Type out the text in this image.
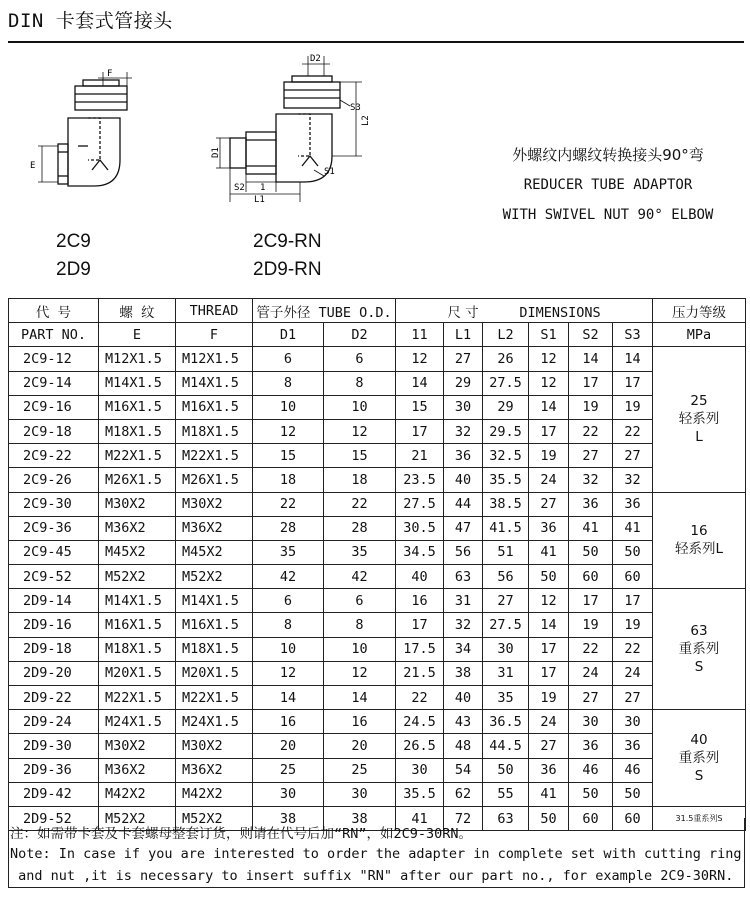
DIN 卡套式管接头
F
E
D2
S3
L2
D1
S1
1
S2
L1
2C9
2D9
2C9-RN
2D9-RN
外螺纹内螺纹转换接头90°弯
REDUCER TUBE ADAPTOR
WITH SWIVEL NUT 90° ELBOW
代 号	螺 纹	THREAD	管子外径 TUBE O.D.		尺 寸 DIMENSIONS						压力等级
PART NO.	E	F	D1	D2	11	L1	L2	S1	S2	S3	MPa
2C9-12	M12X1.5	M12X1.5	6	6	12	27	26	12	14	14	25
轻系列
L

2C9-14	M14X1.5	M14X1.5	8	8	14	29	27.5	12	17	17	
2C9-16	M16X1.5	M16X1.5	10	10	15	30	29	14	19	19	
2C9-18	M18X1.5	M18X1.5	12	12	17	32	29.5	17	22	22	
2C9-22	M22X1.5	M22X1.5	15	15	21	36	32.5	19	27	27	
2C9-26	M26X1.5	M26X1.5	18	18	23.5	40	35.5	24	32	32	
2C9-30	M30X2	M30X2	22	22	27.5	44	38.5	27	36	36	16
轻系列L

2C9-36	M36X2	M36X2	28	28	30.5	47	41.5	36	41	41	
2C9-45	M45X2	M45X2	35	35	34.5	56	51	41	50	50	
2C9-52	M52X2	M52X2	42	42	40	63	56	50	60	60	
2D9-14	M14X1.5	M14X1.5	6	6	16	31	27	12	17	17	63
重系列
S

2D9-16	M16X1.5	M16X1.5	8	8	17	32	27.5	14	19	19	
2D9-18	M18X1.5	M18X1.5	10	10	17.5	34	30	17	22	22	
2D9-20	M20X1.5	M20X1.5	12	12	21.5	38	31	17	24	24	
2D9-22	M22X1.5	M22X1.5	14	14	22	40	35	19	27	27	
2D9-24	M24X1.5	M24X1.5	16	16	24.5	43	36.5	24	30	30	40
重系列
S

2D9-30	M30X2	M30X2	20	20	26.5	48	44.5	27	36	36	
2D9-36	M36X2	M36X2	25	25	30	54	50	36	46	46	
2D9-42	M42X2	M42X2	30	30	35.5	62	55	41	50	50	
2D9-52	M52X2	M52X2	38	38	41	72	63	50	60	60	31.5重系列S
注：如需带卡套及卡套螺母整套订货，则请在代号后加“RN”，如2C9-30RN。
Note: In case if you are interested to order the adapter in complete set with cutting ring
and nut ,it is necessary to insert suffix "RN" after our part no., for example 2C9-30RN.
